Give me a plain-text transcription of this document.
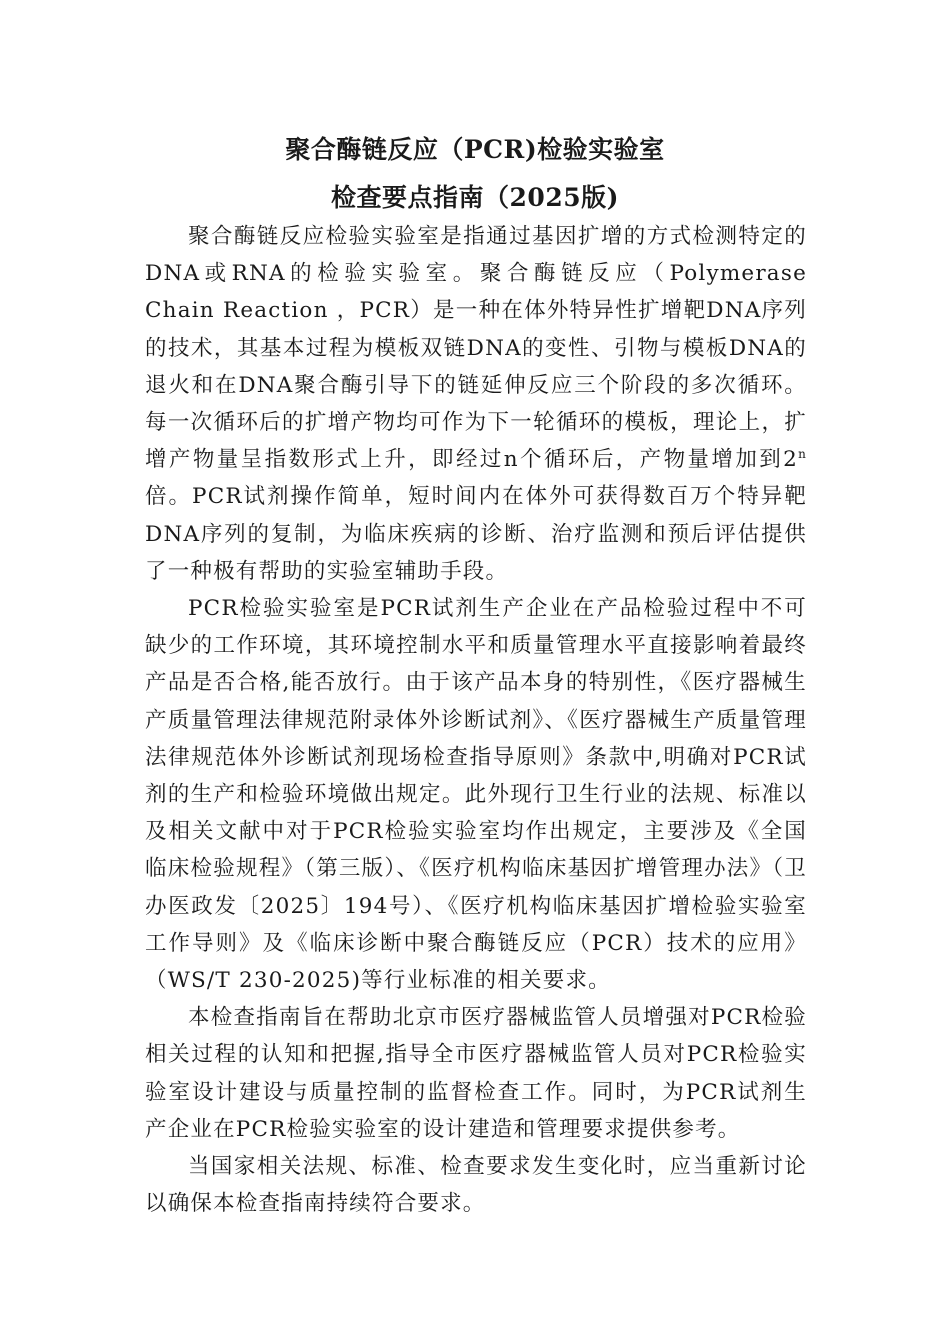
聚合酶链反应（PCR)检验实验室
检查要点指南（2025版)

聚合酶链反应检验实验室是指通过基因扩增的方式检测特定的DNA或RNA的检验实验室。聚合酶链反应（Polymerase Chain Reaction ，PCR）是一种在体外特异性扩增靶DNA序列的技术，其基本过程为模板双链DNA的变性、引物与模板DNA的退火和在DNA聚合酶引导下的链延伸反应三个阶段的多次循环。每一次循环后的扩增产物均可作为下一轮循环的模板，理论上，扩增产物量呈指数形式上升，即经过n个循环后，产物量增加到2$^n$倍。PCR试剂操作简单，短时间内在体外可获得数百万个特异靶DNA序列的复制，为临床疾病的诊断、治疗监测和预后评估提供了一种极有帮助的实验室辅助手段。

PCR检验实验室是PCR试剂生产企业在产品检验过程中不可缺少的工作环境，其环境控制水平和质量管理水平直接影响着最终产品是否合格,能否放行。由于该产品本身的特别性，《医疗器械生产质量管理法律规范附录体外诊断试剂》、《医疗器械生产质量管理法律规范体外诊断试剂现场检查指导原则》条款中,明确对PCR试剂的生产和检验环境做出规定。此外现行卫生行业的法规、标准以及相关文献中对于PCR检验实验室均作出规定，主要涉及《全国临床检验规程》（第三版）、《医疗机构临床基因扩增管理办法》（卫办医政发〔2025〕194号）、《医疗机构临床基因扩增检验实验室工作导则》及《临床诊断中聚合酶链反应（PCR）技术的应用》（WS/T 230-2025)等行业标准的相关要求。

本检查指南旨在帮助北京市医疗器械监管人员增强对PCR检验相关过程的认知和把握,指导全市医疗器械监管人员对PCR检验实验室设计建设与质量控制的监督检查工作。同时，为PCR试剂生产企业在PCR检验实验室的设计建造和管理要求提供参考。

当国家相关法规、标准、检查要求发生变化时，应当重新讨论以确保本检查指南持续符合要求。
